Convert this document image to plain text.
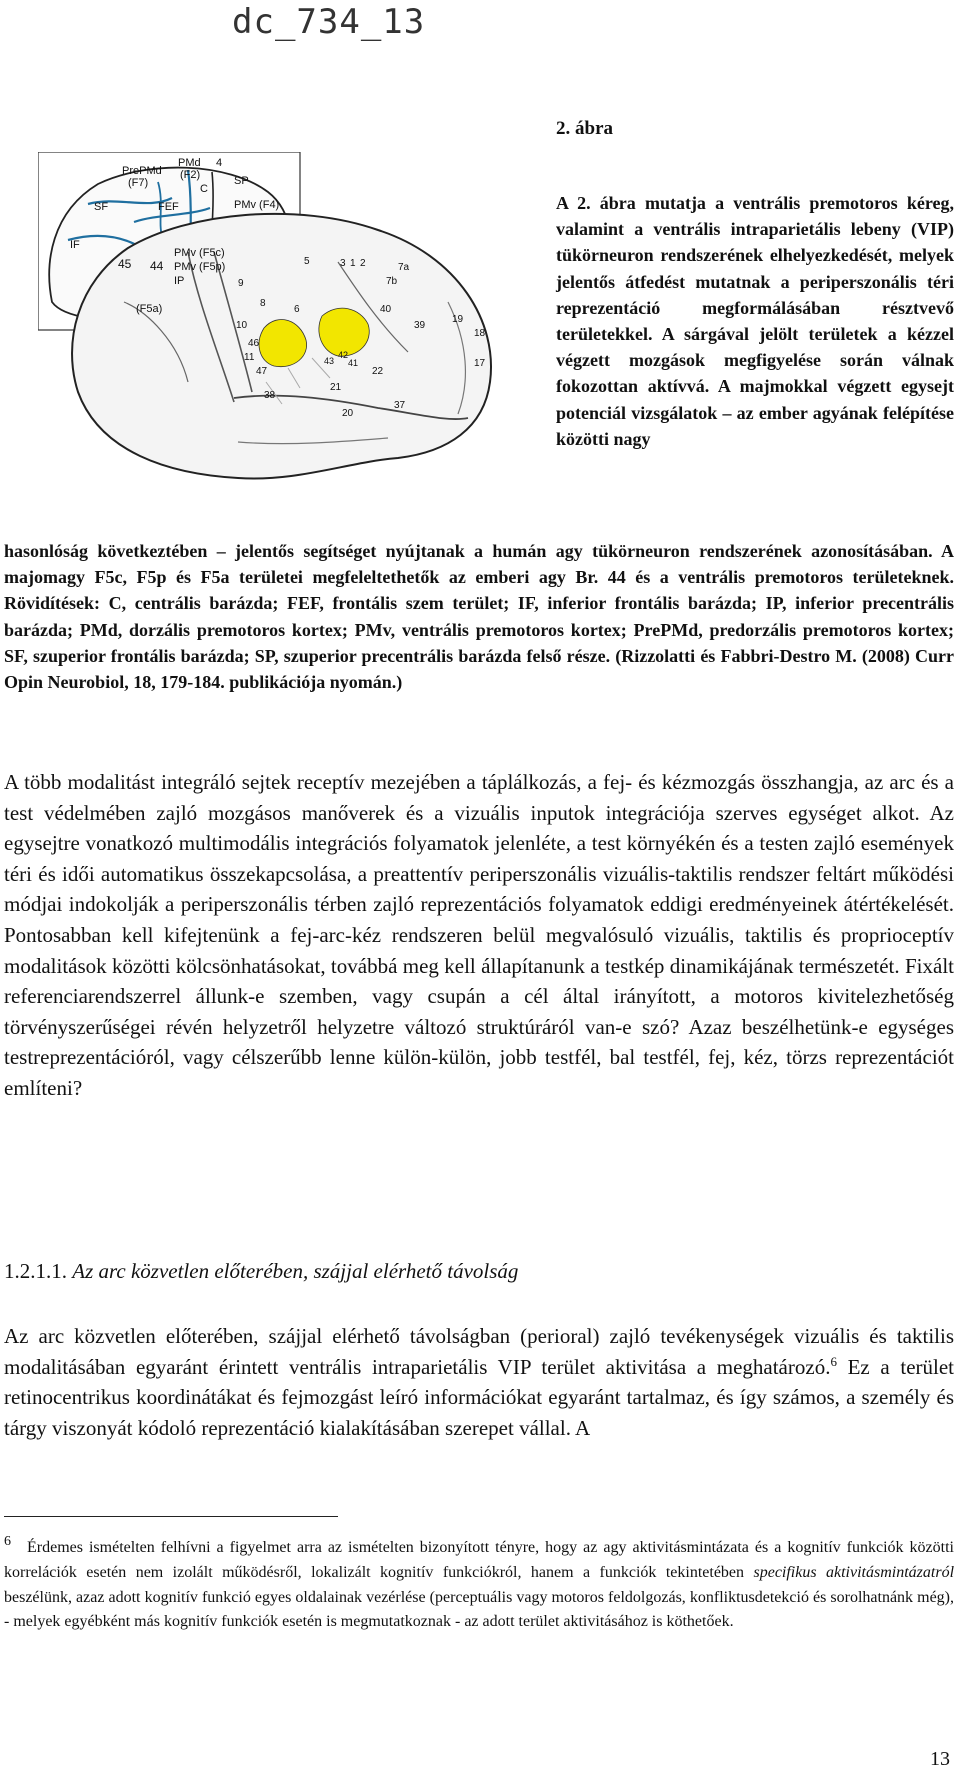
dc_734_13
2. ábra
PrePMd
(F7)
PMd
(F2)
4
SP
C
SF	FEF	PMv (F4)
IF
PMv (F5c)
PMv (F5p)
IP
(F5a)
45 44	5	3 1 2	7a
7b
9
8
10
46
11
47
40
39
19
18
17
43
42
41
22
38
21
20
37
6
A 2. ábra mutatja a ventrális premotoros kéreg, valamint a ventrális intraparietális lebeny (VIP) tükörneuron rendszerének elhelyezkedését, melyek jelentős átfedést mutatnak a periperszonális téri reprezentáció megformálásában résztvevő területekkel. A sárgával jelölt területek a kézzel végzett mozgások megfigyelése során válnak fokozottan aktívvá. A majmokkal végzett egysejt potenciál vizsgálatok – az ember agyának felépítése közötti nagy
hasonlóság következtében – jelentős segítséget nyújtanak a humán agy tükörneuron rendszerének azonosításában. A majomagy F5c, F5p és F5a területei megfeleltethetők az emberi agy Br. 44 és a ventrális premotoros területeknek. Rövidítések: C, centrális barázda; FEF, frontális szem terület; IF, inferior frontális barázda; IP, inferior precentrális barázda; PMd, dorzális premotoros kortex; PMv, ventrális premotoros kortex; PrePMd, predorzális premotoros kortex; SF, szuperior frontális barázda; SP, szuperior precentrális barázda felső része. (Rizzolatti és Fabbri-Destro M. (2008) Curr Opin Neurobiol, 18, 179-184. publikációja nyomán.)
A több modalitást integráló sejtek receptív mezejében a táplálkozás, a fej- és kézmozgás összhangja, az arc és a test védelmében zajló mozgásos manőverek és a vizuális inputok integrációja szerves egységet alkot. Az egysejtre vonatkozó multimodális integrációs folyamatok jelenléte, a test környékén és a testen zajló események téri és idői automatikus összekapcsolása, a preattentív periperszonális vizuális-taktilis rendszer feltárt működési módjai indokolják a periperszonális térben zajló reprezentációs folyamatok eddigi eredményeinek átértékelését. Pontosabban kell kifejtenünk a fej-arc-kéz rendszeren belül megvalósuló vizuális, taktilis és proprioceptív modalitások közötti kölcsönhatásokat, továbbá meg kell állapítanunk a testkép dinamikájának természetét. Fixált referenciarendszerrel állunk-e szemben, vagy csupán a cél által irányított, a motoros kivitelezhetőség törvényszerűségei révén helyzetről helyzetre változó struktúráról van-e szó? Azaz beszélhetünk-e egységes testreprezentációról, vagy célszerűbb lenne külön-külön, jobb testfél, bal testfél, fej, kéz, törzs reprezentációt említeni?
1.2.1.1. Az arc közvetlen előterében, szájjal elérhető távolság
Az arc közvetlen előterében, szájjal elérhető távolságban (perioral) zajló tevékenységek vizuális és taktilis modalitásában egyaránt érintett ventrális intraparietális VIP terület aktivitása a meghatározó.$^6$ Ez a terület retinocentrikus koordinátákat és fejmozgást leíró információkat egyaránt tartalmaz, és így számos, a személy és tárgy viszonyát kódoló reprezentáció kialakításában szerepet vállal. A
6 Érdemes ismételten felhívni a figyelmet arra az ismételten bizonyított tényre, hogy az agy aktivitásmintázata és a kognitív funkciók közötti korrelációk esetén nem izolált működésről, lokalizált kognitív funkciókról, hanem a funkciók tekintetében specifikus aktivitásmintázatról beszélünk, azaz adott kognitív funkció egyes oldalainak vezérlése (perceptuális vagy motoros feldolgozás, konfliktusdetekció és sorolhatnánk még), - melyek egyébként más kognitív funkciók esetén is megmutatkoznak - az adott terület aktivitásához is köthetőek.
13
